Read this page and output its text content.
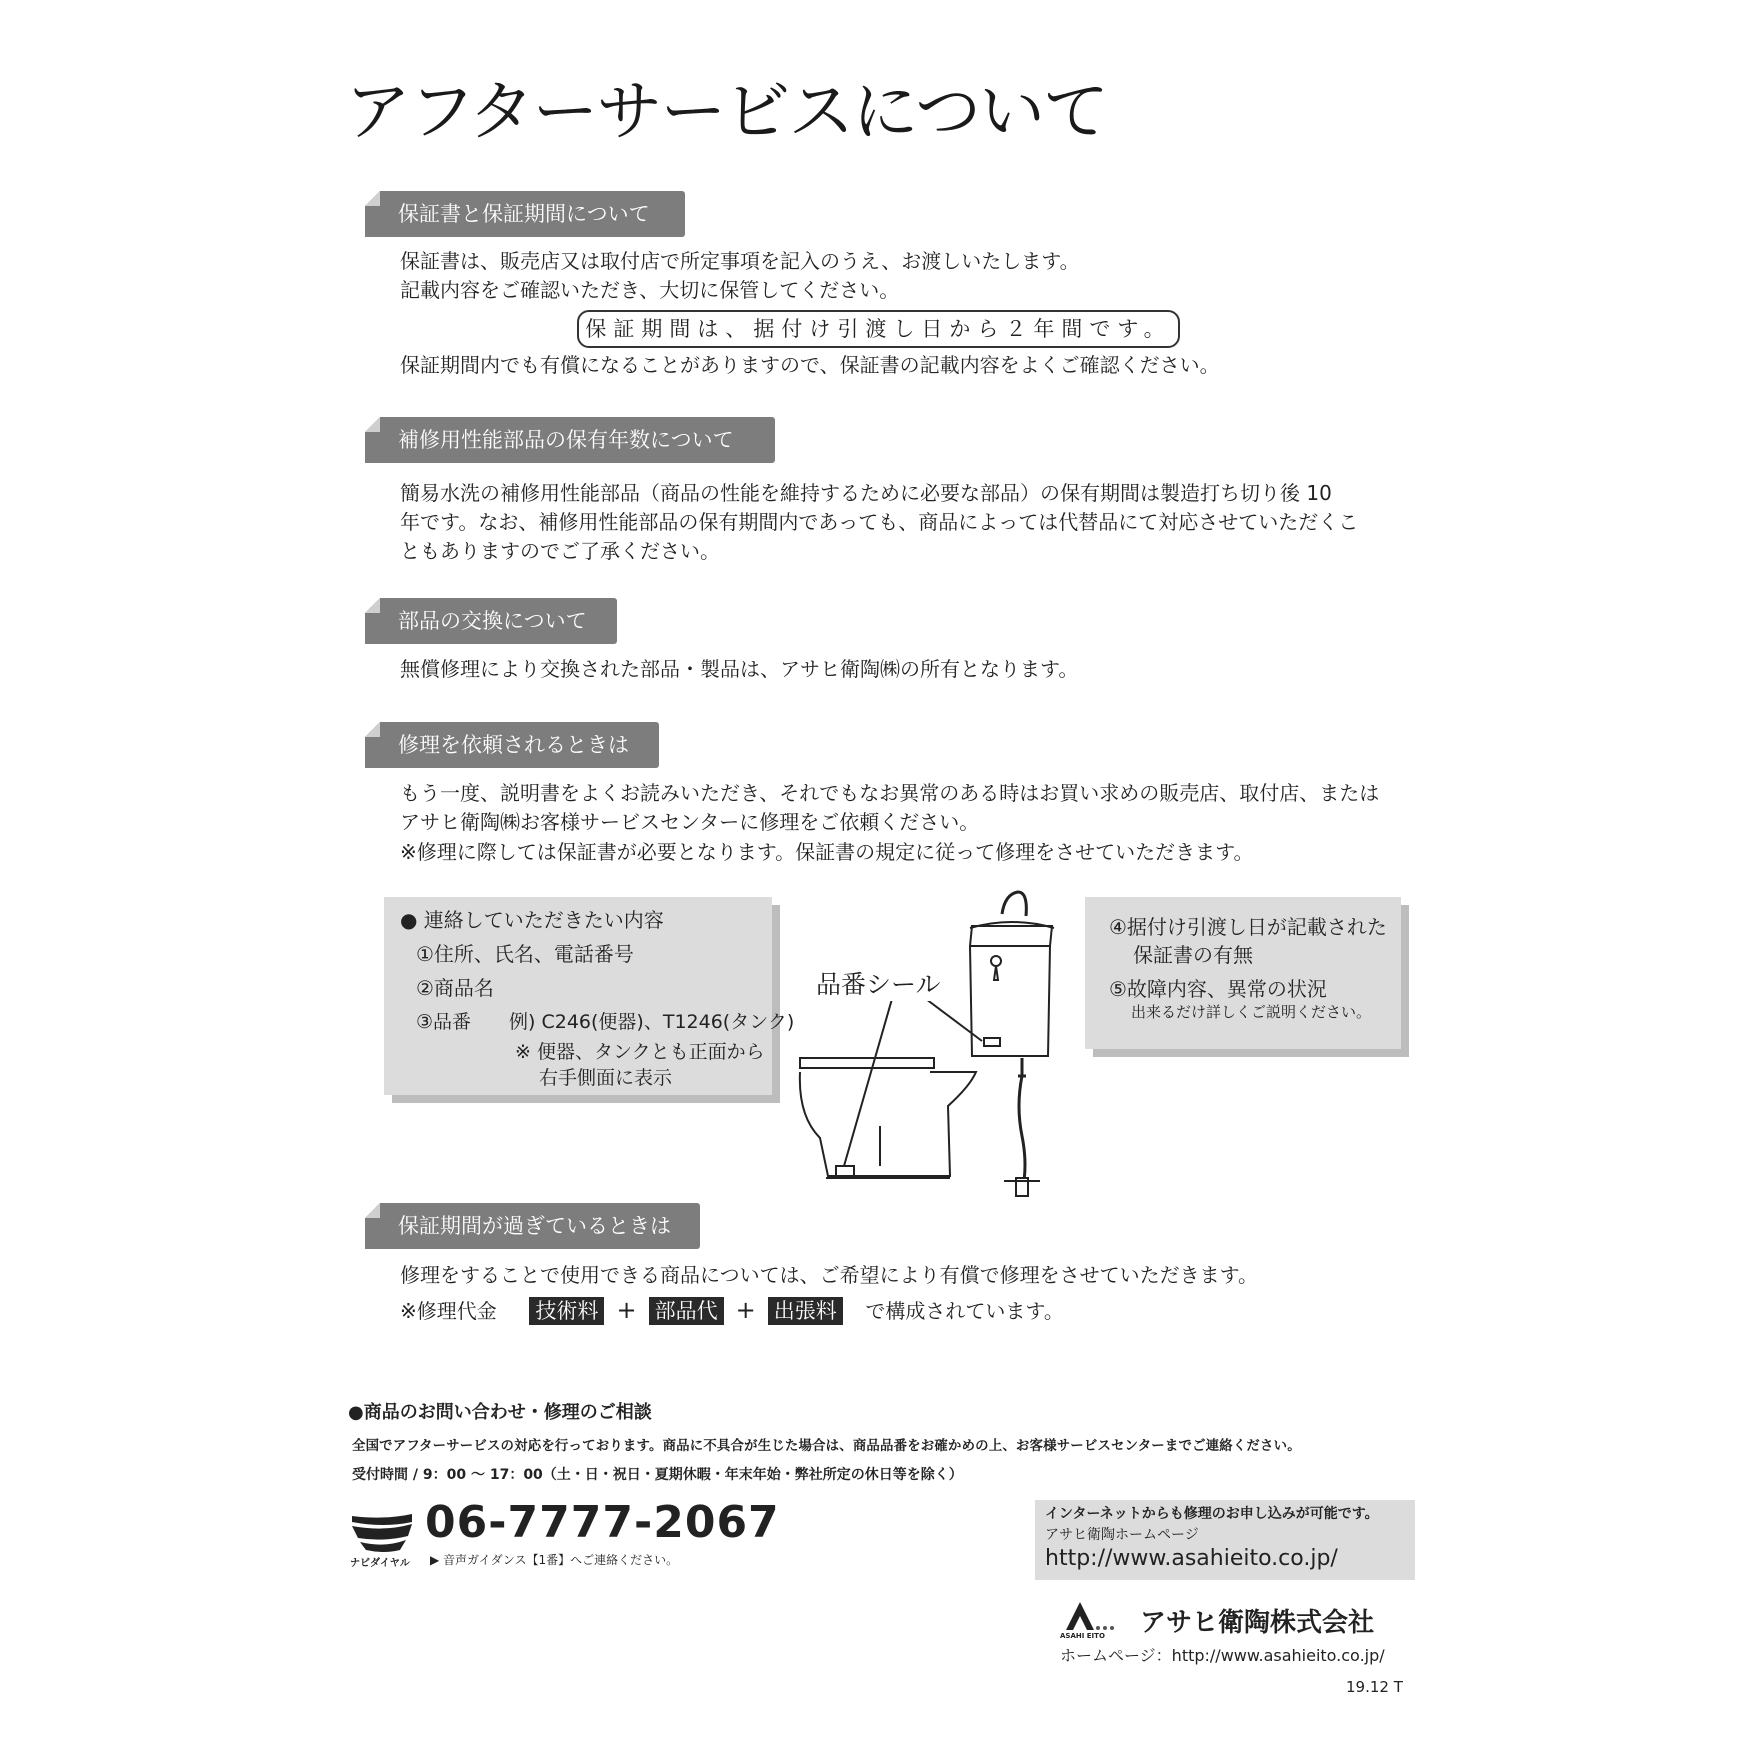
アフターサービスについて
保証書と保証期間について
保証書は、販売店又は取付店で所定事項を記入のうえ、お渡しいたします。
記載内容をご確認いただき、大切に保管してください。
保証期間は、据付け引渡し日から２年間です。
保証期間内でも有償になることがありますので、保証書の記載内容をよくご確認ください。
補修用性能部品の保有年数について
簡易水洗の補修用性能部品（商品の性能を維持するために必要な部品）の保有期間は製造打ち切り後 10
年です。なお、補修用性能部品の保有期間内であっても、商品によっては代替品にて対応させていただくこ
ともありますのでご了承ください。
部品の交換について
無償修理により交換された部品・製品は、アサヒ衛陶㈱の所有となります。
修理を依頼されるときは
もう一度、説明書をよくお読みいただき、それでもなお異常のある時はお買い求めの販売店、取付店、または
アサヒ衛陶㈱お客様サービスセンターに修理をご依頼ください。
※修理に際しては保証書が必要となります。保証書の規定に従って修理をさせていただきます。
● 連絡していただきたい内容
①住所、氏名、電話番号
②商品名
③品番　　例) C246(便器)、T1246(タンク)
※ 便器、タンクとも正面から
右手側面に表示
④据付け引渡し日が記載された
保証書の有無
⑤故障内容、異常の状況
出来るだけ詳しくご説明ください。
品番シール
保証期間が過ぎているときは
修理をすることで使用できる商品については、ご希望により有償で修理をさせていただきます。
※修理代金 技術料 + 部品代 + 出張料 で構成されています。
●商品のお問い合わせ・修理のご相談
全国でアフターサービスの対応を行っております。商品に不具合が生じた場合は、商品品番をお確かめの上、お客様サービスセンターまでご連絡ください。
受付時間 / 9：00 ～ 17：00（土・日・祝日・夏期休暇・年末年始・弊社所定の休日等を除く）
ナビダイヤル
06-7777-2067
▶ 音声ガイダンス【1番】へご連絡ください。
インターネットからも修理のお申し込みが可能です。
アサヒ衛陶ホームページ
http://www.asahieito.co.jp/
ASAHI EITO アサヒ衛陶株式会社
ホームページ：http://www.asahieito.co.jp/
19.12 T
